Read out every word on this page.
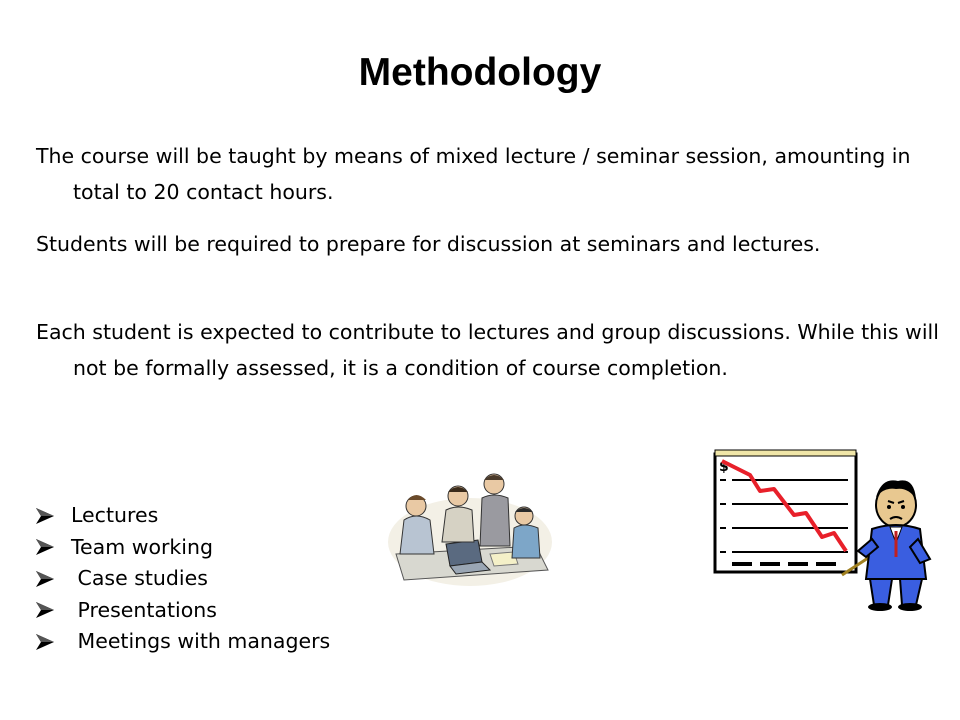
Methodology
The course will be taught by means of mixed lecture / seminar session, amounting in total to 20 contact hours.
Students will be required to prepare for discussion at seminars and lectures.
Each student is expected to contribute to lectures and group discussions. While this will not be formally assessed, it is a condition of course completion.
Lectures
Team working
Case studies
Presentations
Meetings with managers
$
